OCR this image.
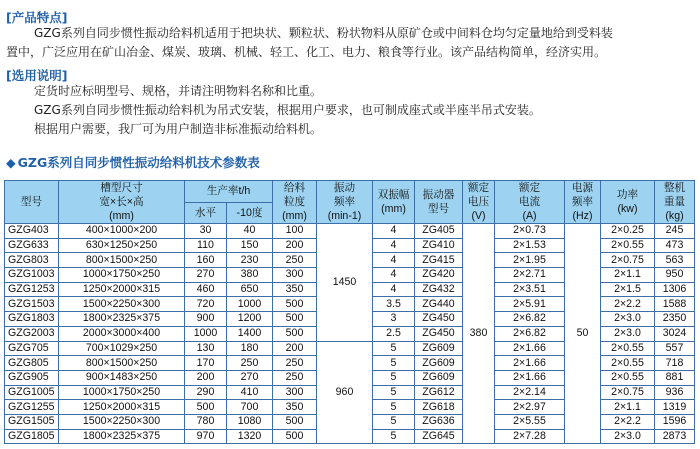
[产品特点]
GZG系列自同步惯性振动给料机适用于把块状、颗粒状、粉状物料从原矿仓或中间料仓均匀定量地给到受料装
置中，广泛应用在矿山冶金、煤炭、玻璃、机械、轻工、化工、电力、粮食等行业。该产品结构简单，经济实用。
[选用说明]
定货时应标明型号、规格，并请注明物料名称和比重。
GZG系列自同步惯性振动给料机为吊式安装，根据用户要求，也可制成座式或半座半吊式安装。
根据用户需要，我厂可为用户制造非标准振动给料机。
◆ GZG系列自同步惯性振动给料机技术参数表
型号	槽型尺寸
宽×长×高
(mm)	生产率t/h		给料
粒度
(mm)	振动
频率
(min-1)	双振幅
(mm)	振动器
型号	额定
电压
(V)	额定
电流
(A)	电源
频率
(Hz)	功率
(kw)	整机
重量
(kg)
		水平	-10度									
GZG403	400×1000×200	30	40	100	1450	4	ZG405	380	2×0.73	50	2×0.25	245
GZG633	630×1250×250	110	150	200		4	ZG410		2×1.53		2×0.55	473
GZG803	800×1500×250	160	230	250		4	ZG415		2×1.95		2×0.75	563
GZG1003	1000×1750×250	270	380	300		4	ZG420		2×2.71		2×1.1	950
GZG1253	1250×2000×315	460	650	350		4	ZG432		2×3.51		2×1.5	1306
GZG1503	1500×2250×300	720	1000	500		3.5	ZG440		2×5.91		2×2.2	1588
GZG1803	1800×2325×375	900	1200	500		3	ZG450		2×6.82		2×3.0	2350
GZG2003	2000×3000×400	1000	1400	500		2.5	ZG450		2×6.82		2×3.0	3024
GZG705	700×1029×250	130	180	200	960	5	ZG609		2×1.66		2×0.55	557
GZG805	800×1500×250	170	250	250		5	ZG609		2×1.66		2×0.55	718
GZG905	900×1483×250	200	270	250		5	ZG609		2×1.66		2×0.55	881
GZG1005	1000×1750×250	290	410	300		5	ZG612		2×2.14		2×0.75	936
GZG1255	1250×2000×315	500	700	350		5	ZG618		2×2.97		2×1.1	1319
GZG1505	1500×2250×300	780	1080	500		5	ZG636		2×5.55		2×2.2	1596
GZG1805	1800×2325×375	970	1320	500		5	ZG645		2×7.28		2×3.0	2873
